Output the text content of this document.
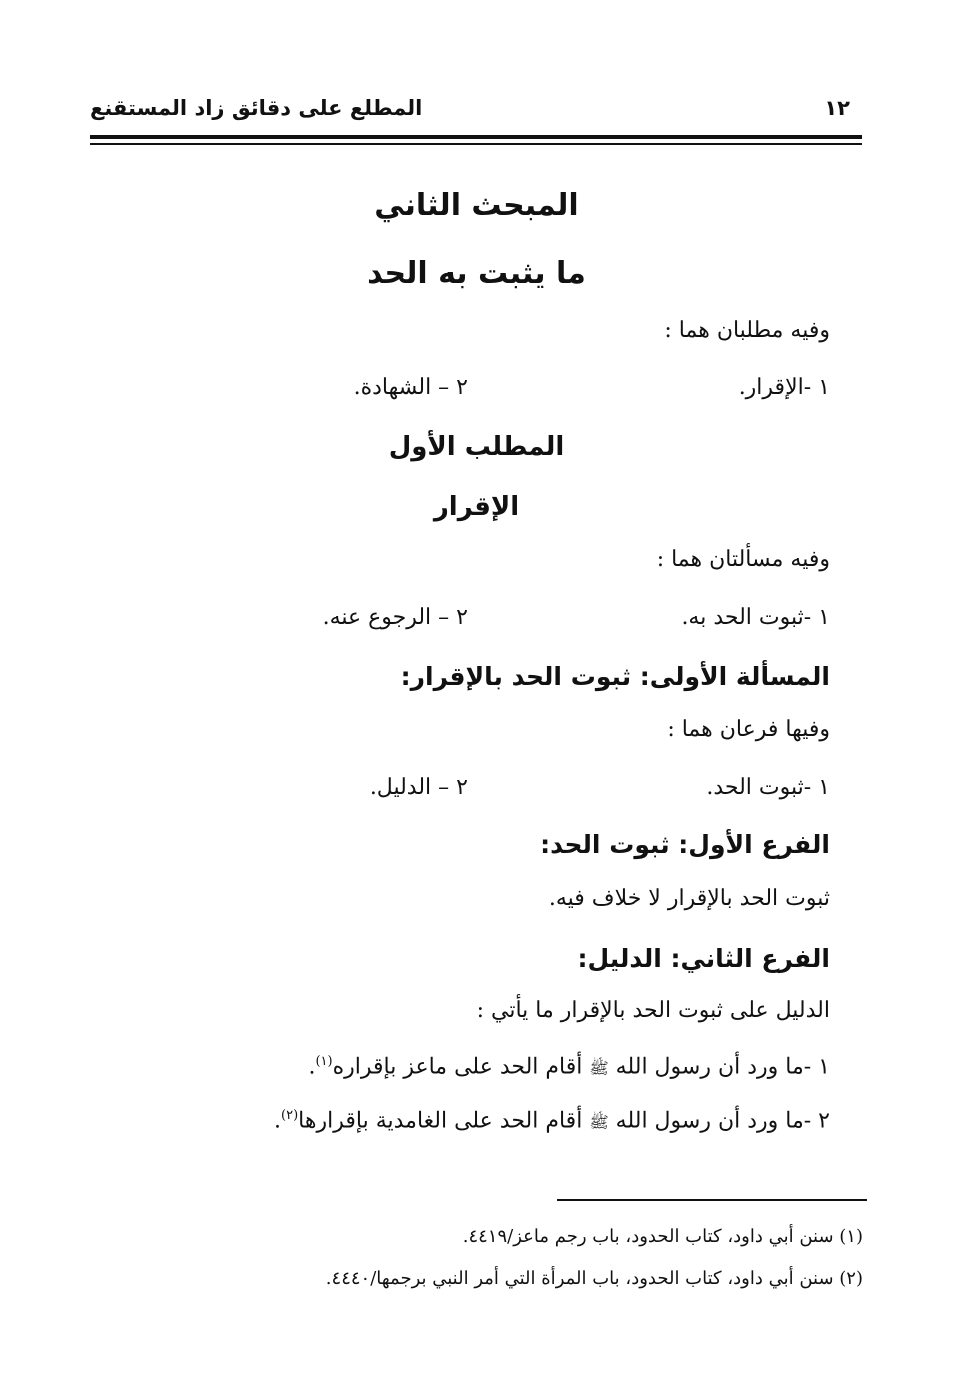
١٢
المطلع على دقائق زاد المستقنع
المبحث الثاني
ما يثبت به الحد
وفيه مطلبان هما :
١ -الإقرار.
٢ – الشهادة.
المطلب الأول
الإقرار
وفيه مسألتان هما :
١ -ثبوت الحد به.
٢ – الرجوع عنه.
المسألة الأولى: ثبوت الحد بالإقرار:
وفيها فرعان هما :
١ -ثبوت الحد.
٢ – الدليل.
الفرع الأول: ثبوت الحد:
ثبوت الحد بالإقرار لا خلاف فيه.
الفرع الثاني: الدليل:
الدليل على ثبوت الحد بالإقرار ما يأتي :
١ -ما ورد أن رسول الله ﷺ أقام الحد على ماعز بإقراره$^{(١)}$.
٢ -ما ورد أن رسول الله ﷺ أقام الحد على الغامدية بإقرارها$^{(٢)}$.
(١) سنن أبي داود، كتاب الحدود، باب رجم ماعز/٤٤١٩.
(٢) سنن أبي داود، كتاب الحدود، باب المرأة التي أمر النبي برجمها/٤٤٤٠.
